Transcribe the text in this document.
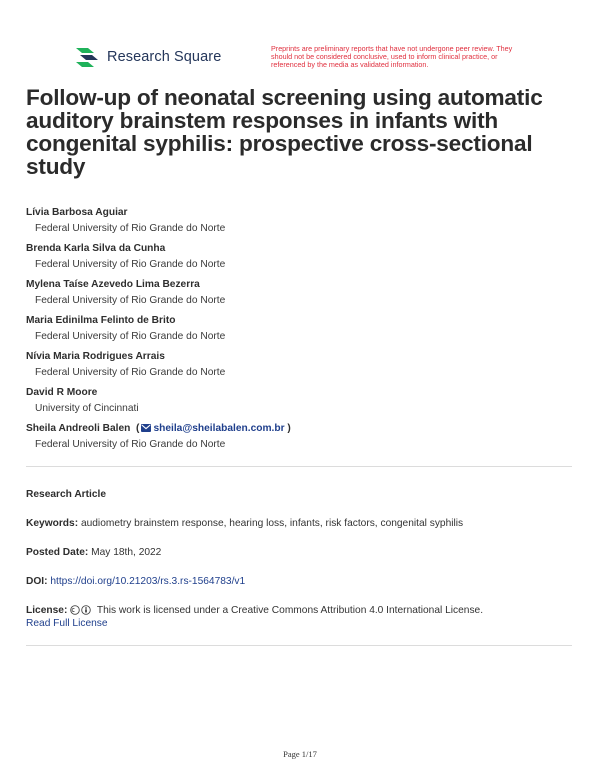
Research Square
Preprints are preliminary reports that have not undergone peer review. They should not be considered conclusive, used to inform clinical practice, or referenced by the media as validated information.
Follow-up of neonatal screening using automatic auditory brainstem responses in infants with congenital syphilis: prospective cross-sectional study
Lívia Barbosa Aguiar
Federal University of Rio Grande do Norte
Brenda Karla Silva da Cunha
Federal University of Rio Grande do Norte
Mylena Taíse Azevedo Lima Bezerra
Federal University of Rio Grande do Norte
Maria Edinilma Felinto de Brito
Federal University of Rio Grande do Norte
Nívia Maria Rodrigues Arrais
Federal University of Rio Grande do Norte
David R Moore
University of Cincinnati
Sheila Andreoli Balen  ( sheila@sheilabalen.com.br )
Federal University of Rio Grande do Norte
Research Article
Keywords: audiometry brainstem response, hearing loss, infants, risk factors, congenital syphilis
Posted Date: May 18th, 2022
DOI: https://doi.org/10.21203/rs.3.rs-1564783/v1
License:	This work is licensed under a Creative Commons Attribution 4.0 International License.
Read Full License
Page 1/17
